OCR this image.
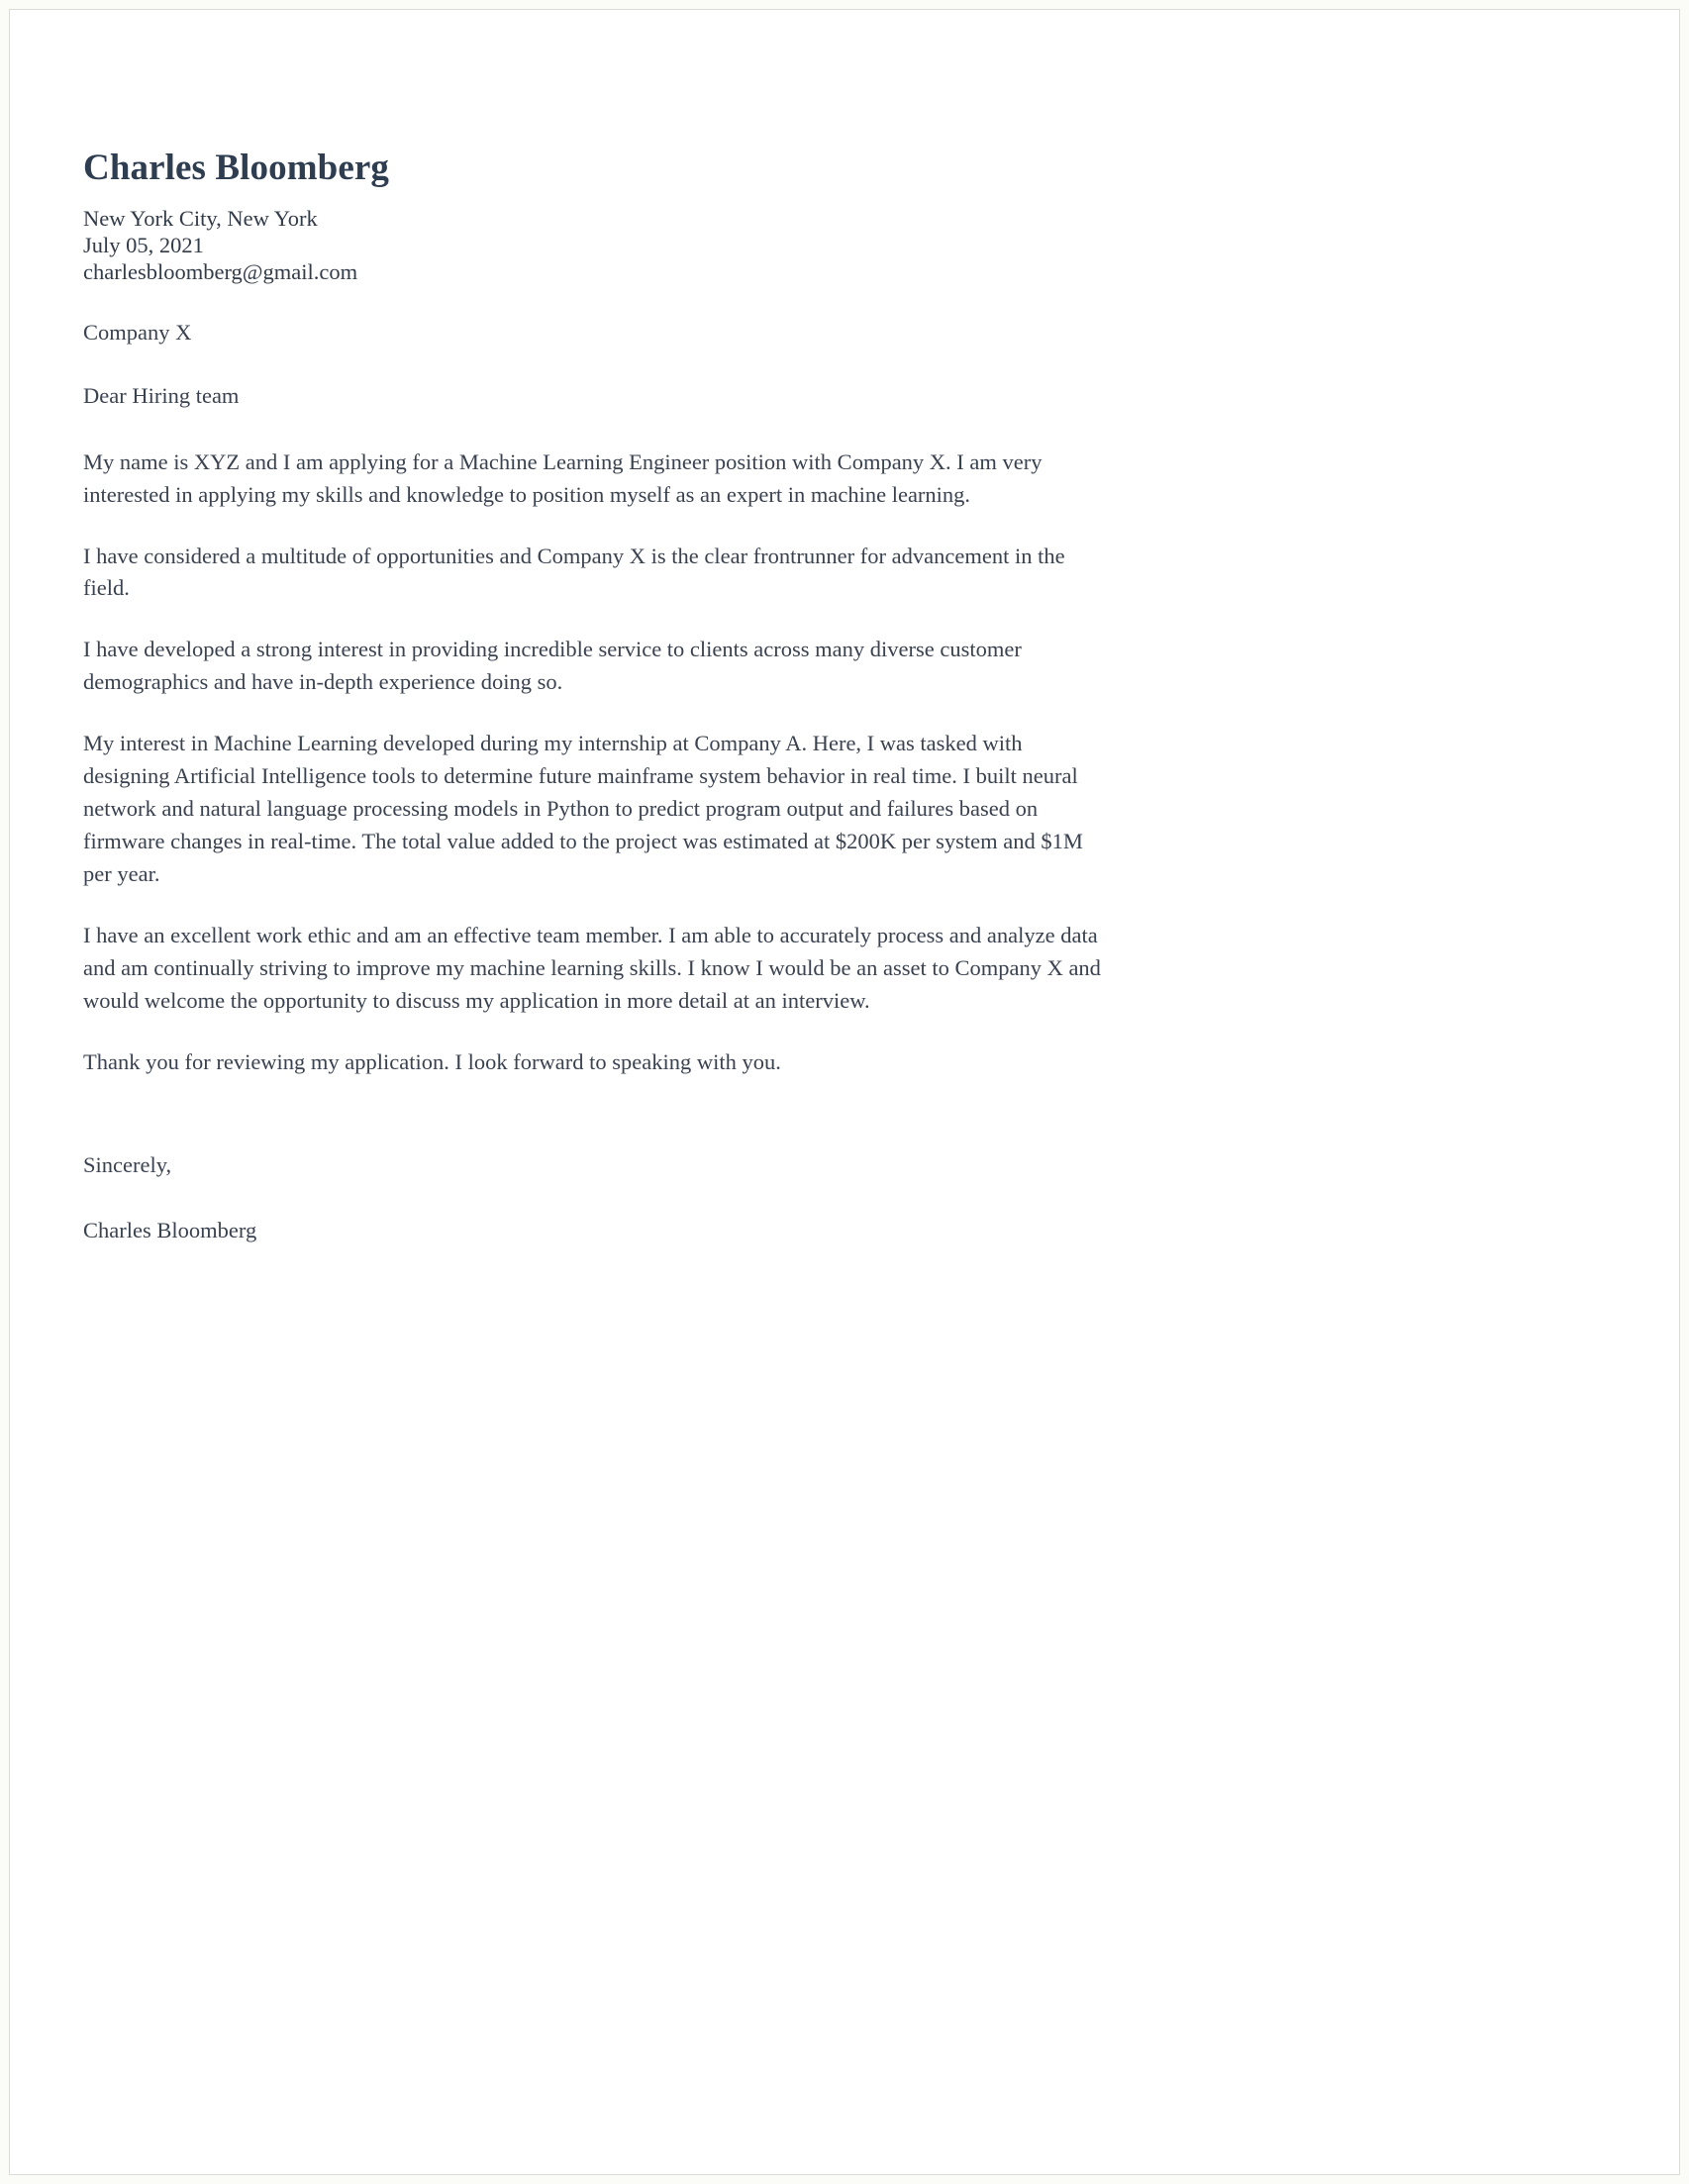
Charles Bloomberg
New York City, New York
July 05, 2021
charlesbloomberg@gmail.com
Company X
Dear Hiring team

My name is XYZ and I am applying for a Machine Learning Engineer position with Company X. I am very interested in applying my skills and knowledge to position myself as an expert in machine learning.

I have considered a multitude of opportunities and Company X is the clear frontrunner for advancement in the field.

I have developed a strong interest in providing incredible service to clients across many diverse customer demographics and have in-depth experience doing so.

My interest in Machine Learning developed during my internship at Company A. Here, I was tasked with designing Artificial Intelligence tools to determine future mainframe system behavior in real time. I built neural network and natural language processing models in Python to predict program output and failures based on firmware changes in real-time. The total value added to the project was estimated at $200K per system and $1M per year.

I have an excellent work ethic and am an effective team member. I am able to accurately process and analyze data and am continually striving to improve my machine learning skills. I know I would be an asset to Company X and would welcome the opportunity to discuss my application in more detail at an interview.

Thank you for reviewing my application. I look forward to speaking with you.

Sincerely,
Charles Bloomberg
